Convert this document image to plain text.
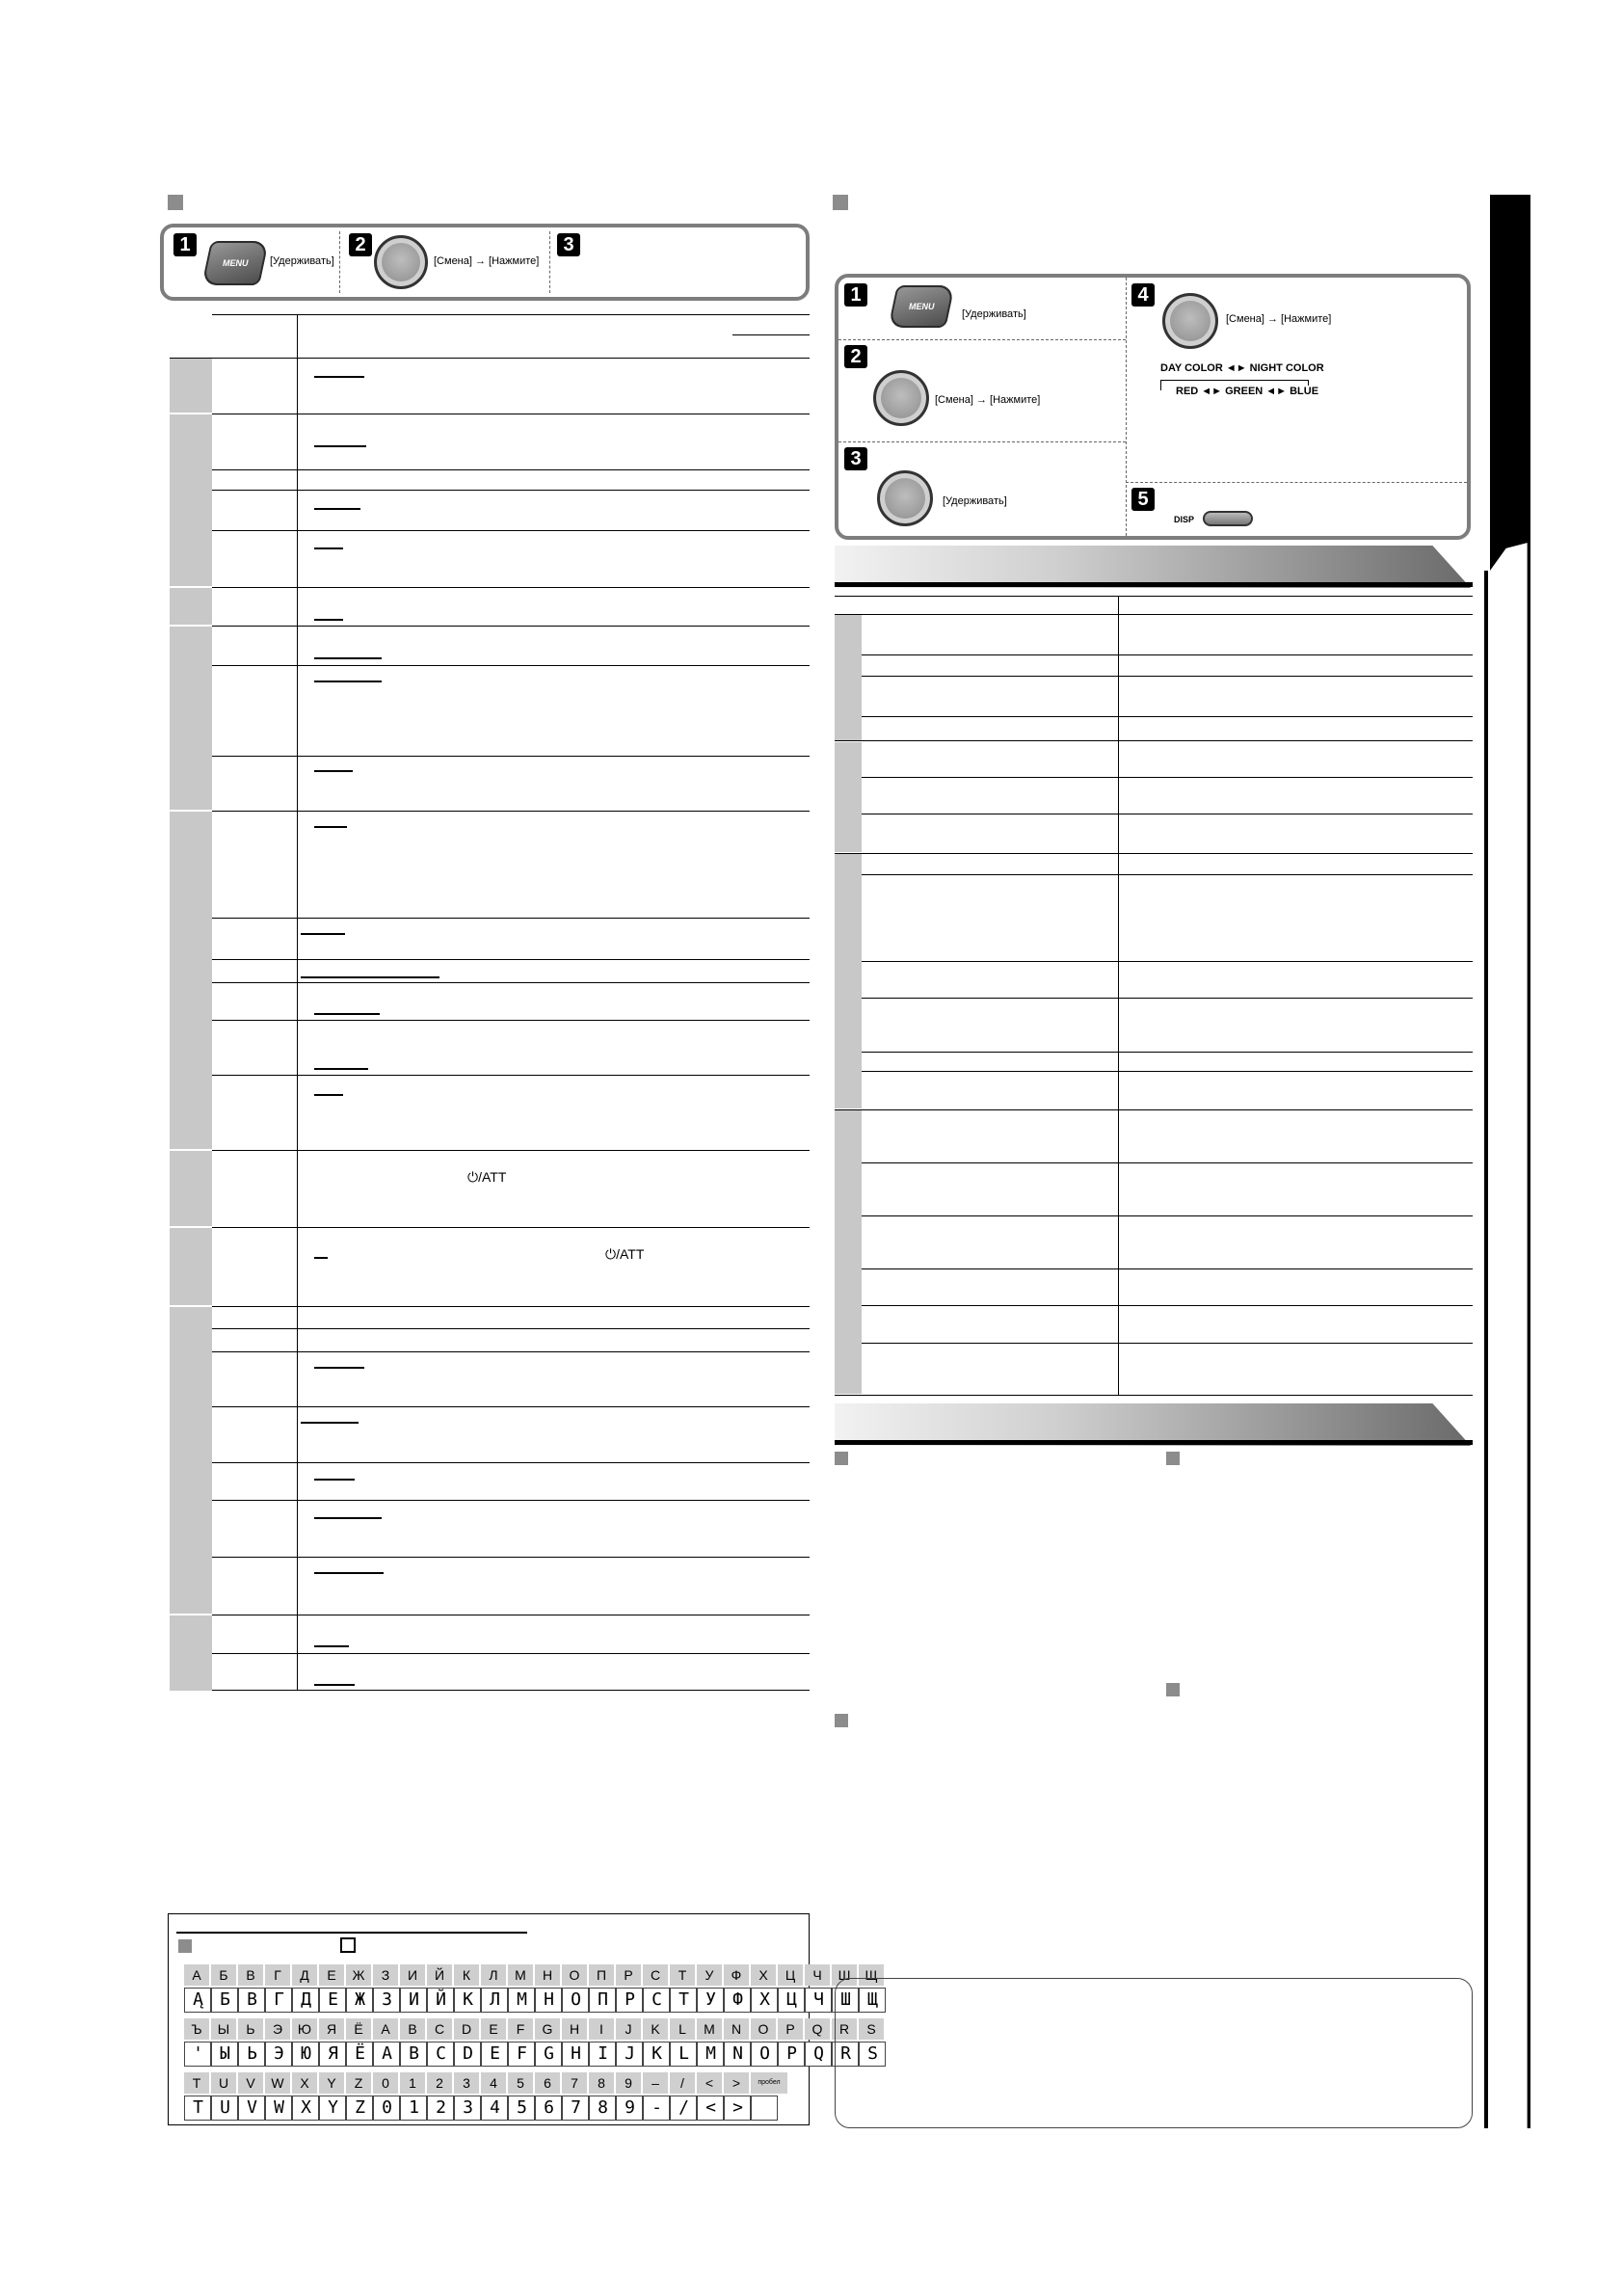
1
MENU [Удерживать]
2
[Смена] → [Нажмите]
3
⏻/ATT
⏻/ATT
А	Б	В	Г	Д	Е	Ж	З	И	Й	К	Л	М	Н	О	П	Р	С	Т	У	Ф	Х	Ц	Ч	Ш	Щ
Ą	Б	В	Г	Д	Е	Ж	З	И	Й	К	Л	М	Н	О	П	Р	С	Т	У	Ф	Х	Ц	Ч	Ш	Щ
Ъ	Ы	Ь	Э	Ю	Я	Ё	A	B	C	D	E	F	G	H	I	J	K	L	M	N	O	P	Q	R	S
'	Ы	Ь	Э	Ю	Я	Ё	A	B	C	D	E	F	G	H	I	J	K	L	M	N	O	P	Q	R	S
T	U	V	W	X	Y	Z	0	1	2	3	4	5	6	7	8	9	–	/	<	>	пробел
T	U	V	W	X	Y	Z	0	1	2	3	4	5	6	7	8	9	-	/	<	>
1
MENU
[Удерживать]
2
[Смена] → [Нажмите]
3
[Удерживать]
4
[Смена] → [Нажмите]
DAY COLOR ◄► NIGHT COLOR
RED ◄► GREEN ◄► BLUE
5
DISP
